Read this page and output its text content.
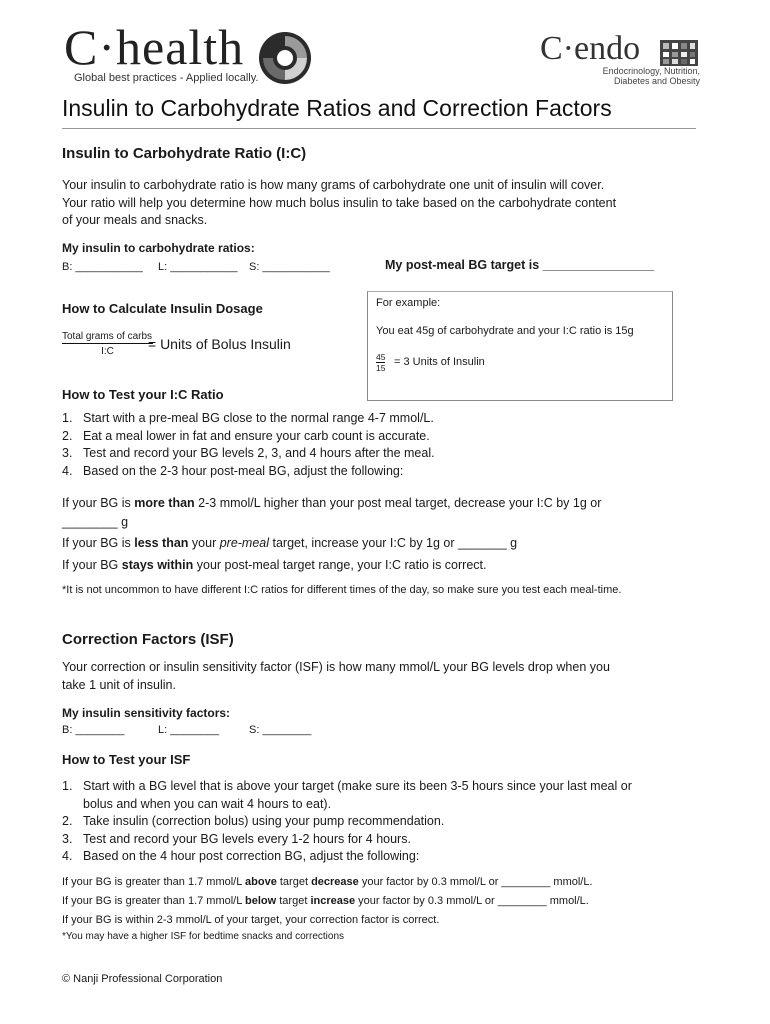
C·health
Global best practices - Applied locally.
C·endo
Endocrinology, Nutrition,
Diabetes and Obesity
Insulin to Carbohydrate Ratios and Correction Factors
Insulin to Carbohydrate Ratio (I:C)
Your insulin to carbohydrate ratio is how many grams of carbohydrate one unit of insulin will cover.
Your ratio will help you determine how much bolus insulin to take based on the carbohydrate content
of your meals and snacks.
My insulin to carbohydrate ratios:
B: ___________ L: ___________ S: ___________	My post-meal BG target is ________________
How to Calculate Insulin Dosage
Total grams of carbs
I:C	= Units of Bolus Insulin
For example:
You eat 45g of carbohydrate and your I:C ratio is 15g
$\frac{45}{15} = 3$ Units of Insulin
How to Test your I:C Ratio
1. Start with a pre-meal BG close to the normal range 4-7 mmol/L.
2. Eat a meal lower in fat and ensure your carb count is accurate.
3. Test and record your BG levels 2, 3, and 4 hours after the meal.
4. Based on the 2-3 hour post-meal BG, adjust the following:
If your BG is more than 2-3 mmol/L higher than your post meal target, decrease your I:C by 1g or
________ g
If your BG is less than your pre-meal target, increase your I:C by 1g or _______ g
If your BG stays within your post-meal target range, your I:C ratio is correct.
*It is not uncommon to have different I:C ratios for different times of the day, so make sure you test each meal-time.
Correction Factors (ISF)
Your correction or insulin sensitivity factor (ISF) is how many mmol/L your BG levels drop when you
take 1 unit of insulin.
My insulin sensitivity factors:
B: ________	L: ________	S: ________
How to Test your ISF
1. Start with a BG level that is above your target (make sure its been 3-5 hours since your last meal or bolus and when you can wait 4 hours to eat).
2. Take insulin (correction bolus) using your pump recommendation.
3. Test and record your BG levels every 1-2 hours for 4 hours.
4. Based on the 4 hour post correction BG, adjust the following:
If your BG is greater than 1.7 mmol/L above target decrease your factor by 0.3 mmol/L or ________ mmol/L.
If your BG is greater than 1.7 mmol/L below target increase your factor by 0.3 mmol/L or ________ mmol/L.
If your BG is within 2-3 mmol/L of your target, your correction factor is correct.
*You may have a higher ISF for bedtime snacks and corrections
© Nanji Professional Corporation
